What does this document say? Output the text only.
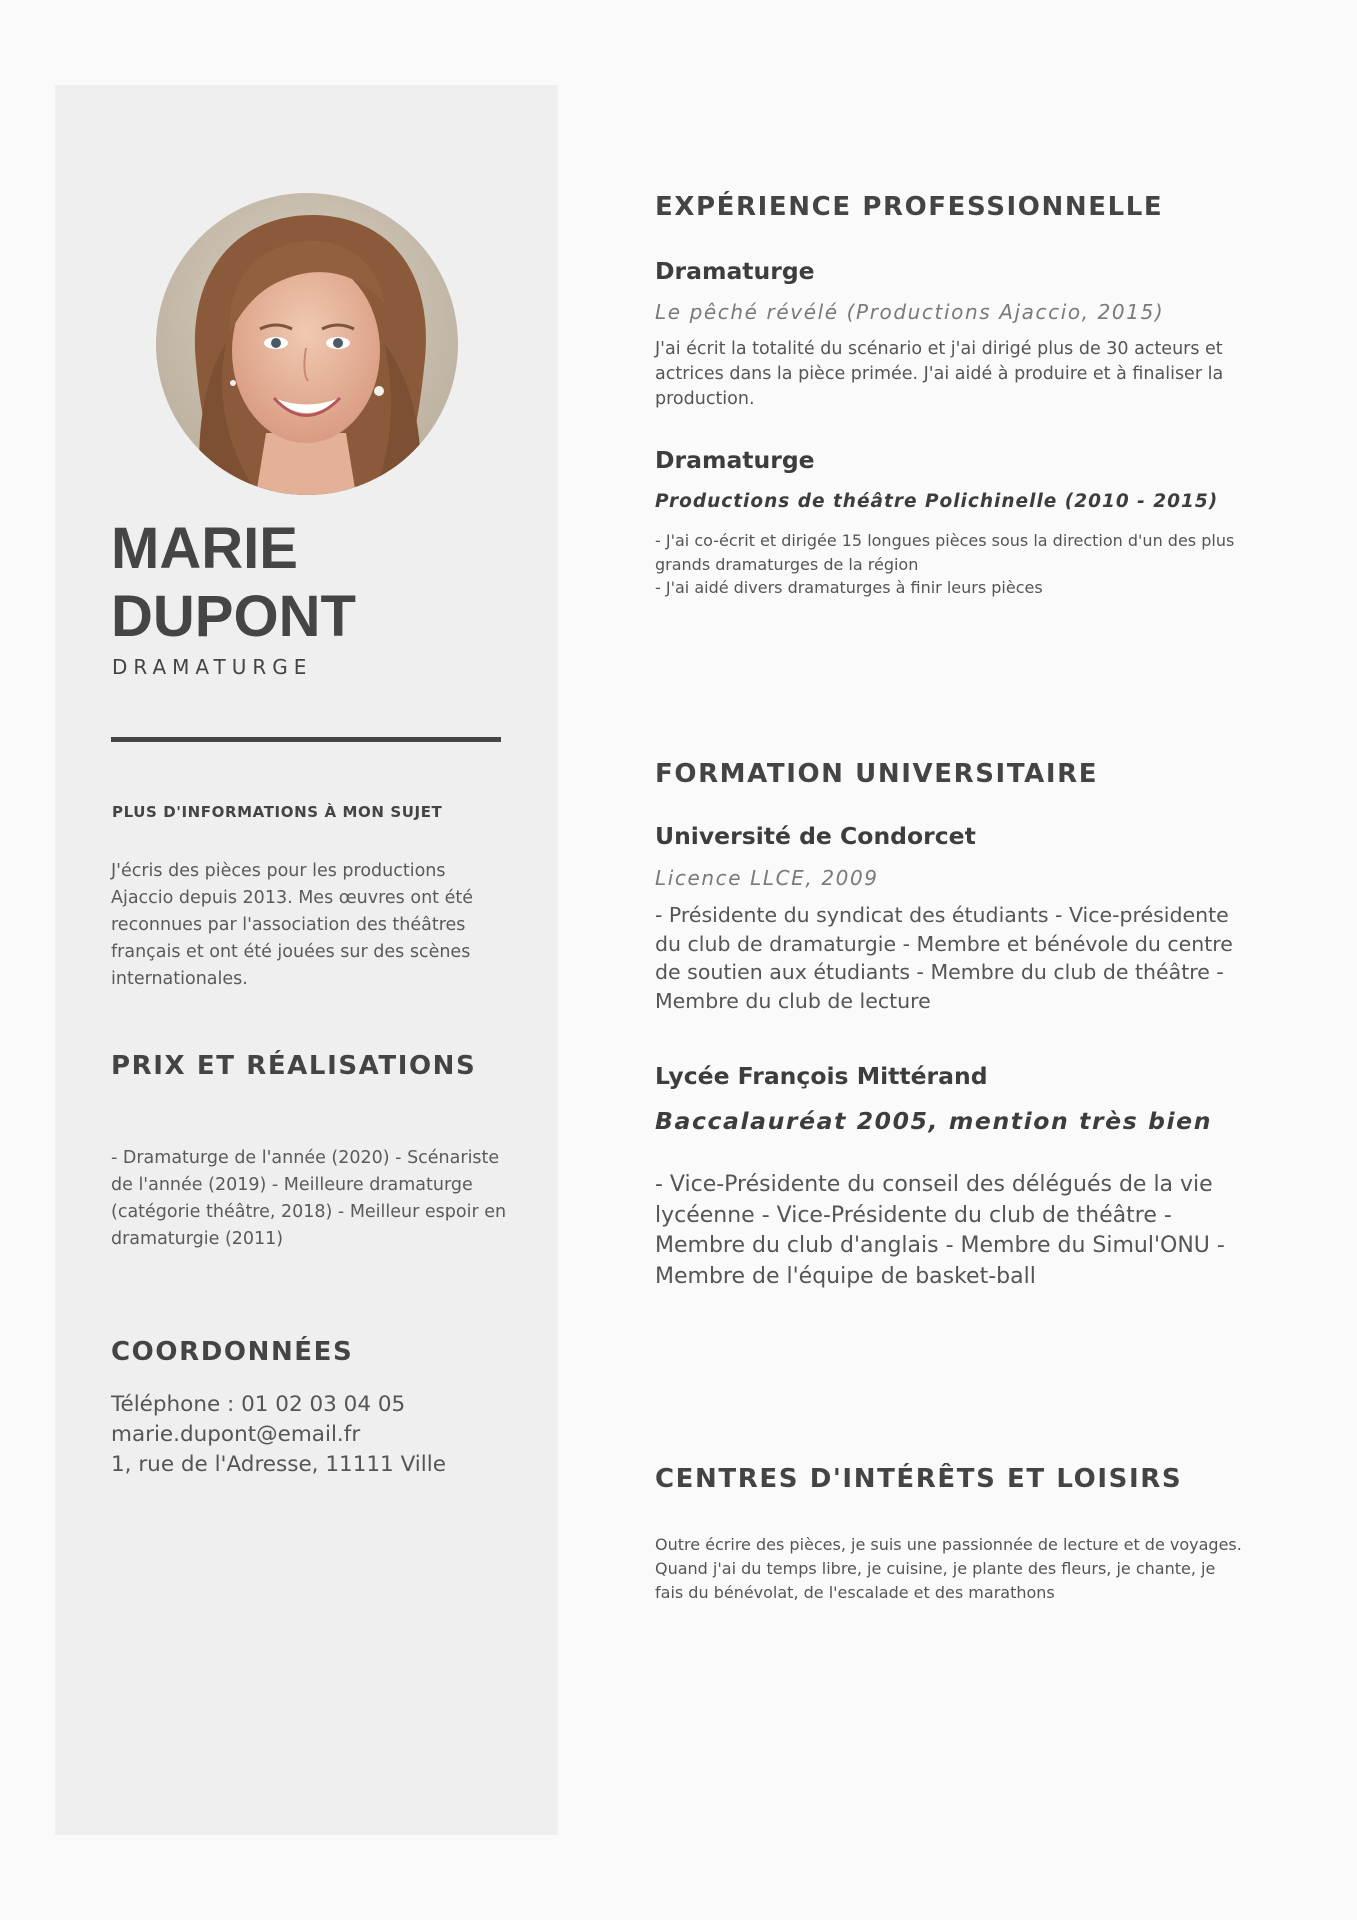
MARIE
DUPONT
DRAMATURGE
PLUS D'INFORMATIONS À MON SUJET
J'écris des pièces pour les productions Ajaccio depuis 2013. Mes œuvres ont été reconnues par l'association des théâtres français et ont été jouées sur des scènes internationales.
PRIX ET RÉALISATIONS
- Dramaturge de l'année (2020) - Scénariste de l'année (2019) - Meilleure dramaturge (catégorie théâtre, 2018) - Meilleur espoir en dramaturgie (2011)
COORDONNÉES
Téléphone : 01 02 03 04 05
marie.dupont@email.fr
1, rue de l'Adresse, 11111 Ville
EXPÉRIENCE PROFESSIONNELLE
Dramaturge
Le pêché révélé (Productions Ajaccio, 2015)
J'ai écrit la totalité du scénario et j'ai dirigé plus de 30 acteurs et actrices dans la pièce primée. J'ai aidé à produire et à finaliser la production.
Dramaturge
Productions de théâtre Polichinelle (2010 - 2015)
- J'ai co-écrit et dirigée 15 longues pièces sous la direction d'un des plus grands dramaturges de la région
- J'ai aidé divers dramaturges à finir leurs pièces
FORMATION UNIVERSITAIRE
Université de Condorcet
Licence LLCE, 2009
- Présidente du syndicat des étudiants - Vice-présidente du club de dramaturgie - Membre et bénévole du centre de soutien aux étudiants - Membre du club de théâtre - Membre du club de lecture
Lycée François Mittérand
Baccalauréat 2005, mention très bien
- Vice-Présidente du conseil des délégués de la vie lycéenne - Vice-Présidente du club de théâtre - Membre du club d'anglais - Membre du Simul'ONU - Membre de l'équipe de basket-ball
CENTRES D'INTÉRÊTS ET LOISIRS
Outre écrire des pièces, je suis une passionnée de lecture et de voyages. Quand j'ai du temps libre, je cuisine, je plante des fleurs, je chante, je fais du bénévolat, de l'escalade et des marathons
